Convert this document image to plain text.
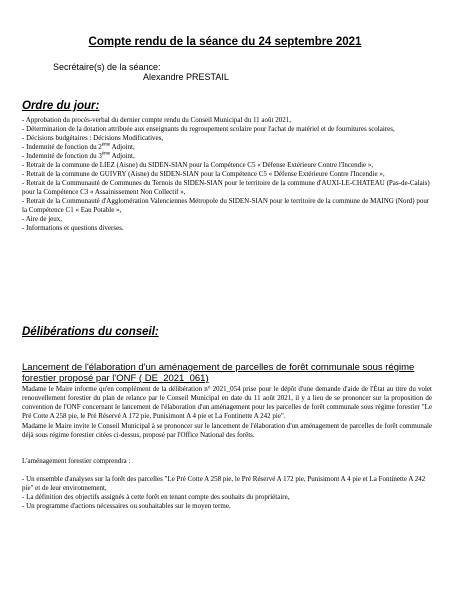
Compte rendu de la séance du 24 septembre 2021
Secrétaire(s) de la séance:
Alexandre PRESTAIL
Ordre du jour:
- Approbation du procès-verbal du dernier compte rendu du Conseil Municipal du 11 août 2021,
- Détermination de la dotation attribuée aux enseignants du regroupement scolaire pour l'achat de matériel et de fournitures scolaires,
- Décisions budgétaires : Décisions Modificatives,
- Indemnité de fonction du 2ème Adjoint,
- Indemnité de fonction du 3ème Adjoint,
- Retrait de la commune de LIEZ (Aisne) du SIDEN-SIAN pour la Compétence C5 « Défense Extérieure Contre l'Incendie »,
- Retrait de la commune de GUIVRY (Aisne) du SIDEN-SIAN pour la Compétence C5 « Défense Extérieure Contre l'Incendie »,
- Retrait de la Communauté de Communes du Ternois du SIDEN-SIAN pour le territoire de la commune d'AUXI-LE-CHATEAU (Pas-de-Calais) pour la Compétence C3 « Assainissement Non Collectif »,
- Retrait de la Communauté d'Agglomération Valenciennes Métropole du SIDEN-SIAN pour le territoire de la commune de MAING (Nord) pour la Compétence C1 « Eau Potable »,
- Aire de jeux,
- Informations et questions diverses.
Délibérations du conseil:
Lancement de l'élaboration d'un aménagement de parcelles de forêt communale sous régime forestier proposé par l'ONF ( DE_2021_061)

Madame le Maire informe qu'en complément de la délibération n° 2021_054 prise pour le dépôt d'une demande d'aide de l'État au titre du volet renouvellement forestier du plan de relance par le Conseil Municipal en date du 11 août 2021, il y a lieu de se prononcer sur la proposition de convention de l'ONF concernant le lancement de l'élaboration d'un aménagement pour les parcelles de forêt communale sous régime forestier "Le Pré Cotte A 258 pie, le Pré Réservé A 172 pie, Punisimont A 4 pie et La Fontinette A 242 pie".

Madame le Maire invite le Conseil Municipal à se prononcer sur le lancement de l'élaboration d'un aménagement de parcelles de forêt communale déjà sous régime forestier citées ci-dessus, proposé par l'Office National des forêts.

L'aménagement forestier comprendra :

- Un ensemble d'analyses sur la forêt des parcelles "Le Pré Cotte A 258 pie, le Pré Réservé A 172 pie, Punisimont A 4 pie et La Fontinette A 242 pie" et de leur environnement,
- La définition des objectifs assignés à cette forêt en tenant compte des souhaits du propriétaire,
- Un programme d'actions nécessaires ou souhaitables sur le moyen terme.
